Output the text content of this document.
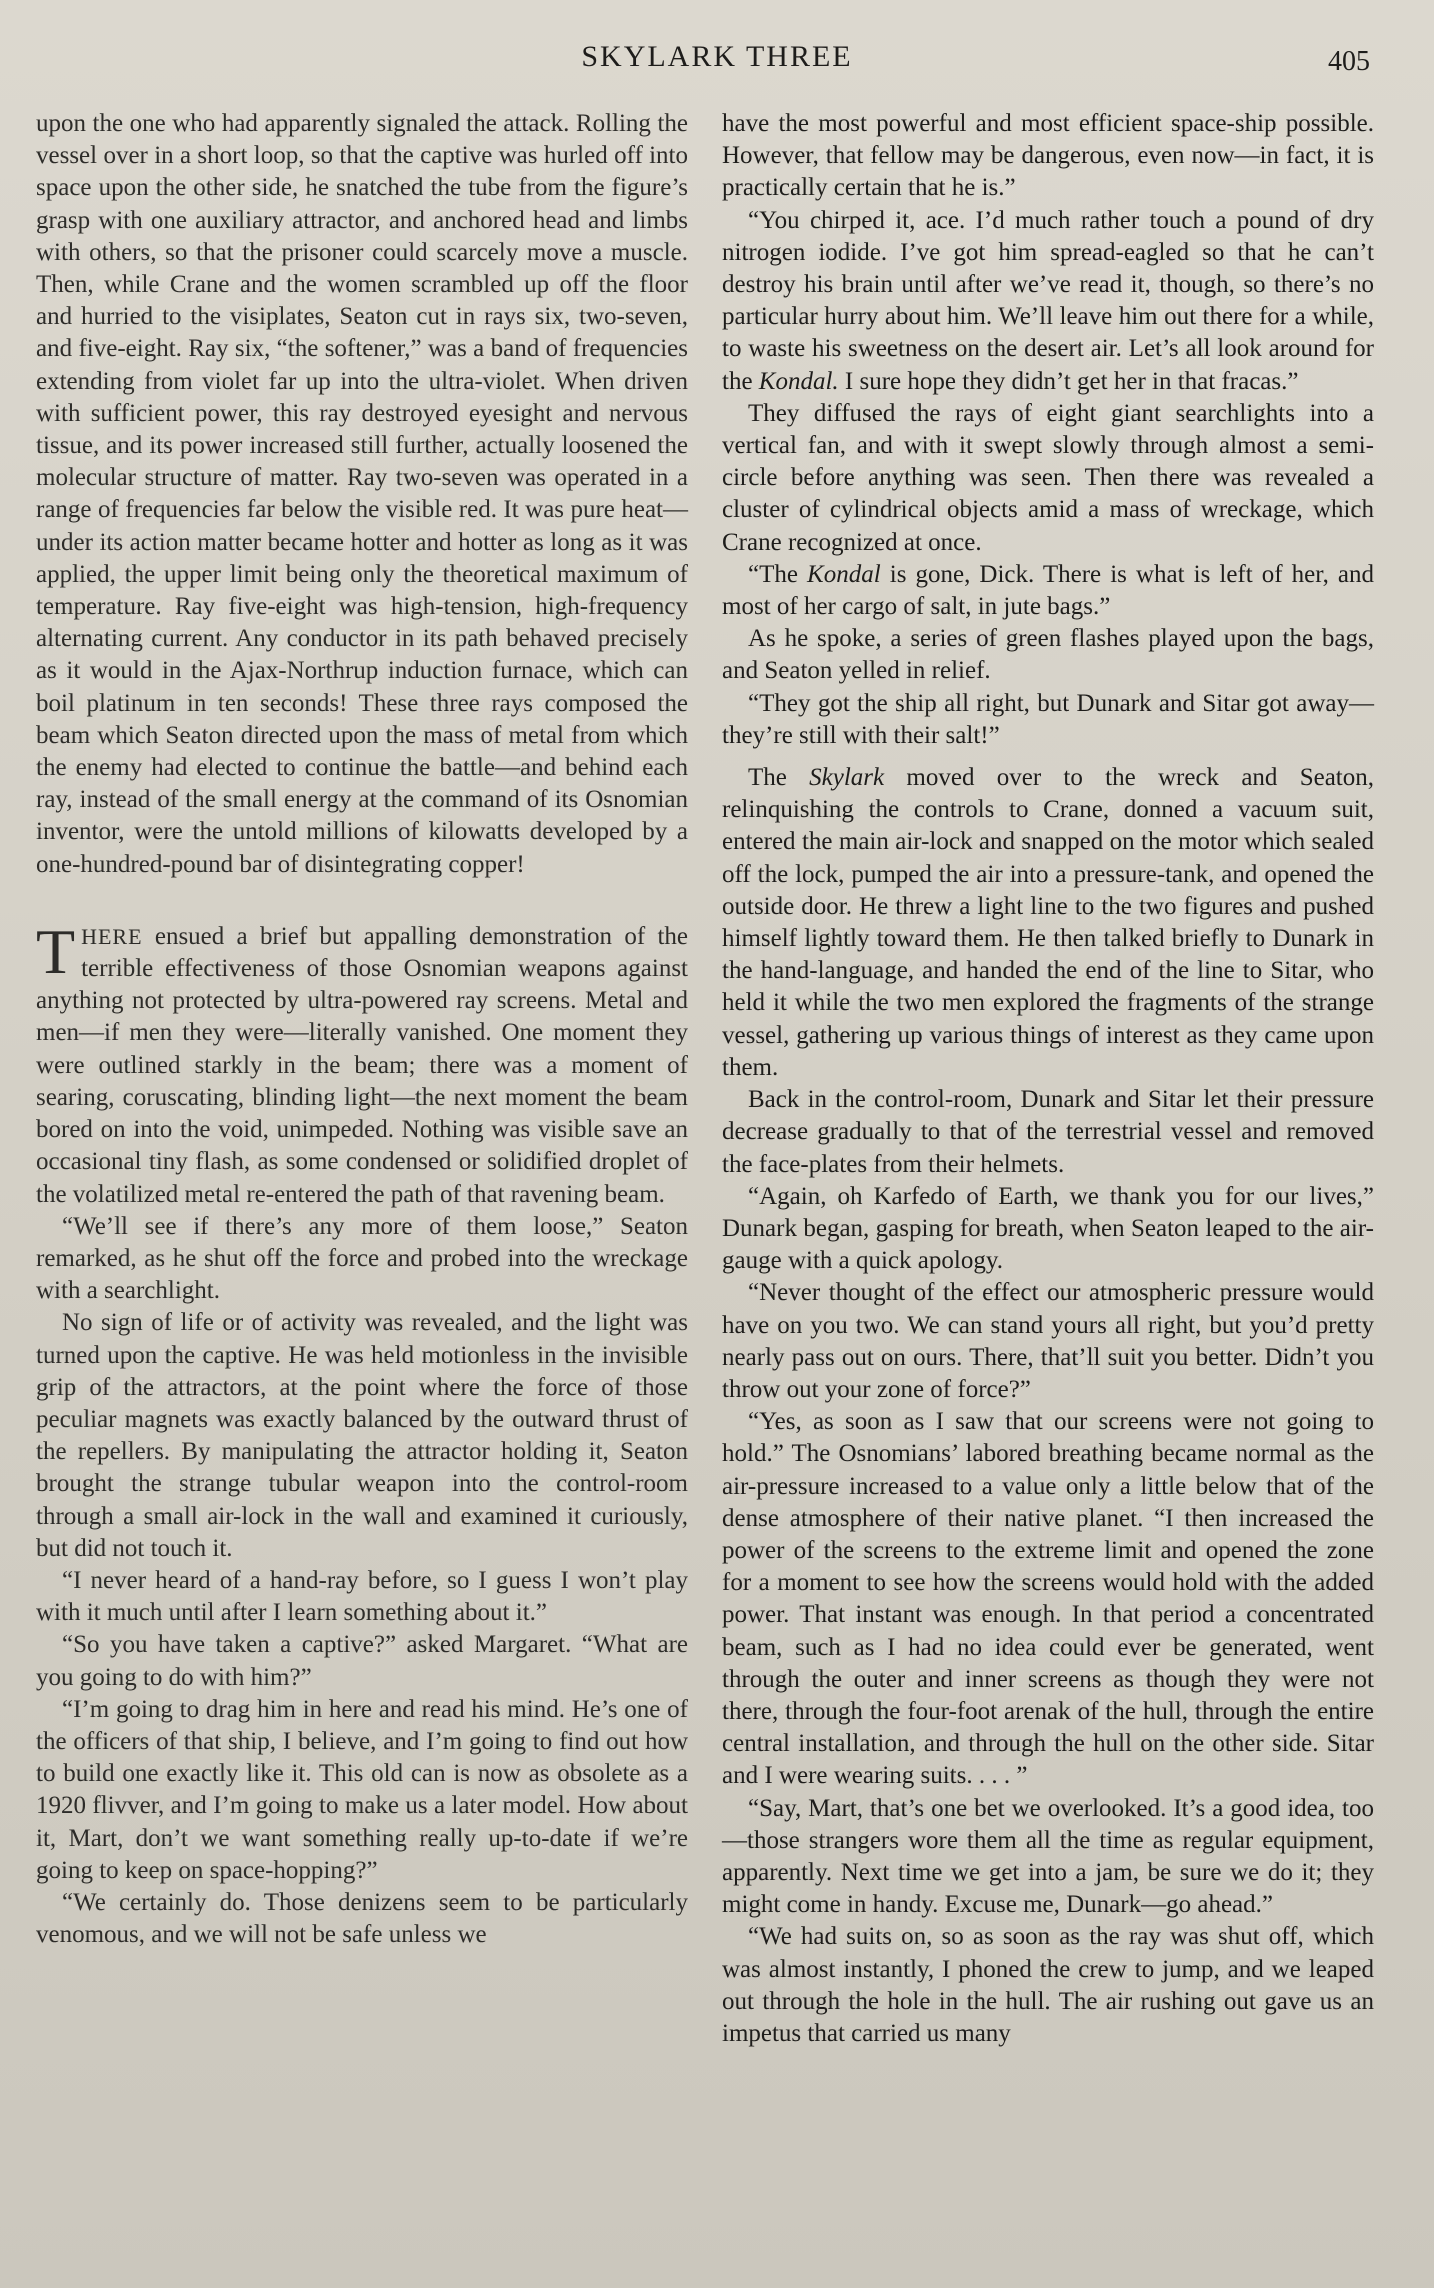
SKYLARK THREE	405

upon the one who had apparently signaled the attack. Rolling the vessel over in a short loop, so that the captive was hurled off into space upon the other side, he snatched the tube from the figure’s grasp with one auxiliary attractor, and anchored head and limbs with others, so that the prisoner could scarcely move a muscle. Then, while Crane and the women scrambled up off the floor and hurried to the visiplates, Seaton cut in rays six, two-seven, and five-eight. Ray six, “the softener,” was a band of frequencies extending from violet far up into the ultra-violet. When driven with sufficient power, this ray destroyed eyesight and nervous tissue, and its power increased still further, actually loosened the molecular structure of matter. Ray two-seven was operated in a range of frequencies far below the visible red. It was pure heat—under its action matter became hotter and hotter as long as it was applied, the upper limit being only the theoretical maximum of temperature. Ray five-eight was high-tension, high-frequency alternating current. Any conductor in its path behaved precisely as it would in the Ajax-Northrup induction furnace, which can boil platinum in ten seconds! These three rays composed the beam which Seaton directed upon the mass of metal from which the enemy had elected to continue the battle—and behind each ray, instead of the small energy at the command of its Osnomian inventor, were the untold millions of kilowatts developed by a one-hundred-pound bar of disintegrating copper!

THERE ensued a brief but appalling demonstration of the terrible effectiveness of those Osnomian weapons against anything not protected by ultra-powered ray screens. Metal and men—if men they were—literally vanished. One moment they were outlined starkly in the beam; there was a moment of searing, coruscating, blinding light—the next moment the beam bored on into the void, unimpeded. Nothing was visible save an occasional tiny flash, as some condensed or solidified droplet of the volatilized metal re-entered the path of that ravening beam.

“We’ll see if there’s any more of them loose,” Seaton remarked, as he shut off the force and probed into the wreckage with a searchlight.

No sign of life or of activity was revealed, and the light was turned upon the captive. He was held motionless in the invisible grip of the attractors, at the point where the force of those peculiar magnets was exactly balanced by the outward thrust of the repellers. By manipulating the attractor holding it, Seaton brought the strange tubular weapon into the control-room through a small air-lock in the wall and examined it curiously, but did not touch it.

“I never heard of a hand-ray before, so I guess I won’t play with it much until after I learn something about it.”

“So you have taken a captive?” asked Margaret. “What are you going to do with him?”

“I’m going to drag him in here and read his mind. He’s one of the officers of that ship, I believe, and I’m going to find out how to build one exactly like it. This old can is now as obsolete as a 1920 flivver, and I’m going to make us a later model. How about it, Mart, don’t we want something really up-to-date if we’re going to keep on space-hopping?”

“We certainly do. Those denizens seem to be particularly venomous, and we will not be safe unless we

have the most powerful and most efficient space-ship possible. However, that fellow may be dangerous, even now—in fact, it is practically certain that he is.”

“You chirped it, ace. I’d much rather touch a pound of dry nitrogen iodide. I’ve got him spread-eagled so that he can’t destroy his brain until after we’ve read it, though, so there’s no particular hurry about him. We’ll leave him out there for a while, to waste his sweetness on the desert air. Let’s all look around for the Kondal. I sure hope they didn’t get her in that fracas.”

They diffused the rays of eight giant searchlights into a vertical fan, and with it swept slowly through almost a semi-circle before anything was seen. Then there was revealed a cluster of cylindrical objects amid a mass of wreckage, which Crane recognized at once.

“The Kondal is gone, Dick. There is what is left of her, and most of her cargo of salt, in jute bags.”

As he spoke, a series of green flashes played upon the bags, and Seaton yelled in relief.

“They got the ship all right, but Dunark and Sitar got away—they’re still with their salt!”

The Skylark moved over to the wreck and Seaton, relinquishing the controls to Crane, donned a vacuum suit, entered the main air-lock and snapped on the motor which sealed off the lock, pumped the air into a pressure-tank, and opened the outside door. He threw a light line to the two figures and pushed himself lightly toward them. He then talked briefly to Dunark in the hand-language, and handed the end of the line to Sitar, who held it while the two men explored the fragments of the strange vessel, gathering up various things of interest as they came upon them.

Back in the control-room, Dunark and Sitar let their pressure decrease gradually to that of the terrestrial vessel and removed the face-plates from their helmets.

“Again, oh Karfedo of Earth, we thank you for our lives,” Dunark began, gasping for breath, when Seaton leaped to the air-gauge with a quick apology.

“Never thought of the effect our atmospheric pressure would have on you two. We can stand yours all right, but you’d pretty nearly pass out on ours. There, that’ll suit you better. Didn’t you throw out your zone of force?”

“Yes, as soon as I saw that our screens were not going to hold.” The Osnomians’ labored breathing became normal as the air-pressure increased to a value only a little below that of the dense atmosphere of their native planet. “I then increased the power of the screens to the extreme limit and opened the zone for a moment to see how the screens would hold with the added power. That instant was enough. In that period a concentrated beam, such as I had no idea could ever be generated, went through the outer and inner screens as though they were not there, through the four-foot arenak of the hull, through the entire central installation, and through the hull on the other side. Sitar and I were wearing suits. . . . ”

“Say, Mart, that’s one bet we overlooked. It’s a good idea, too—those strangers wore them all the time as regular equipment, apparently. Next time we get into a jam, be sure we do it; they might come in handy. Excuse me, Dunark—go ahead.”

“We had suits on, so as soon as the ray was shut off, which was almost instantly, I phoned the crew to jump, and we leaped out through the hole in the hull. The air rushing out gave us an impetus that carried us many
